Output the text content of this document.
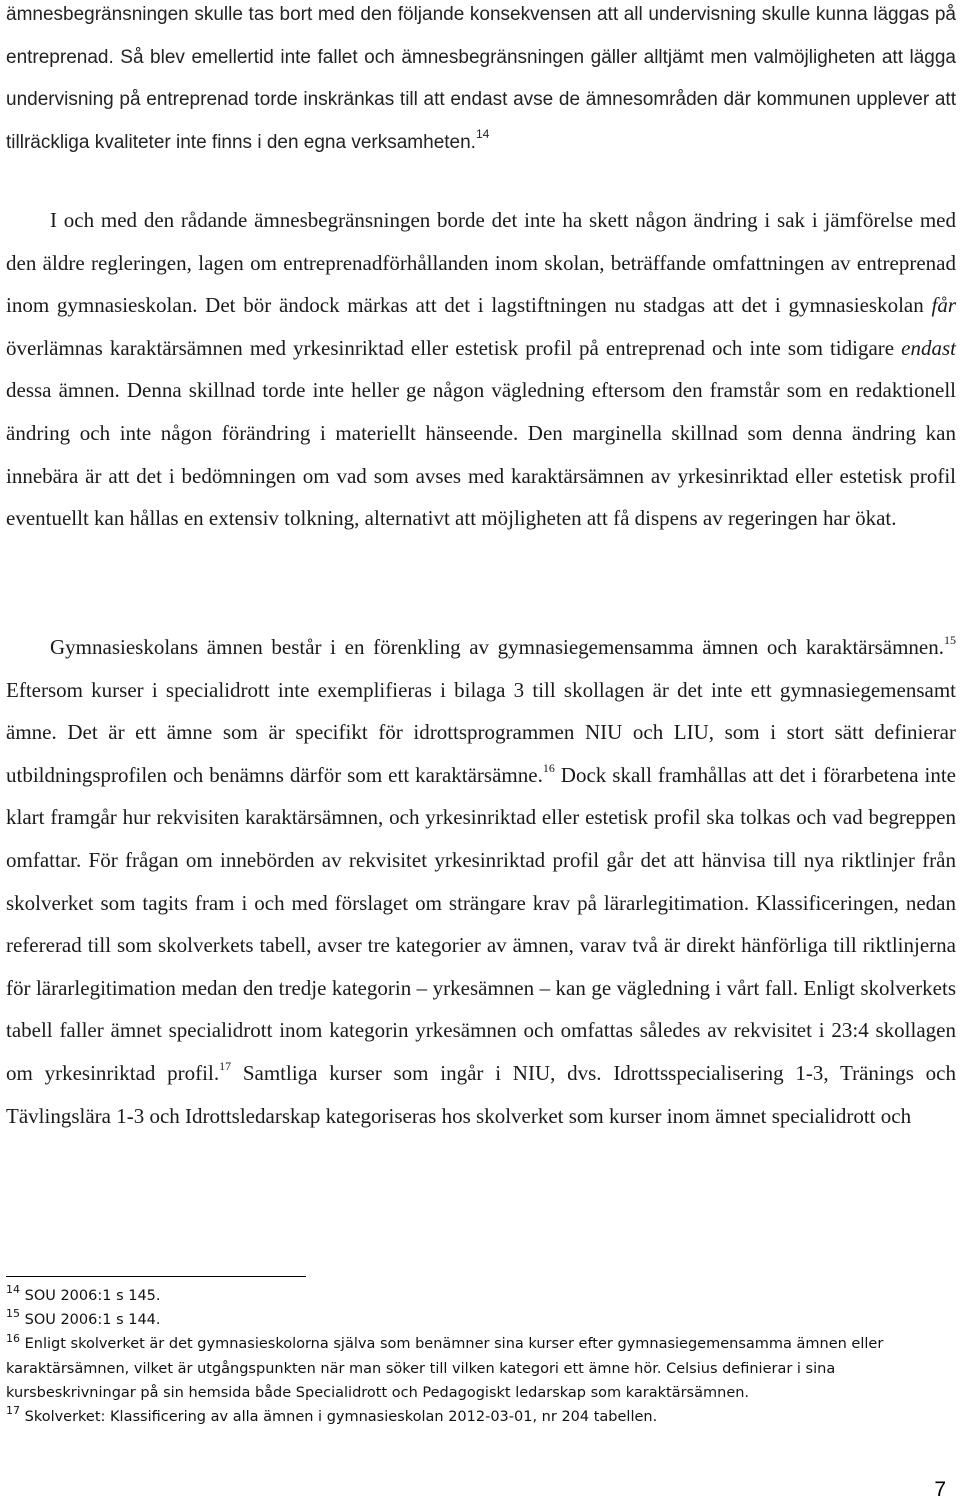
ämnesbegränsningen skulle tas bort med den följande konsekvensen att all undervisning skulle kunna läggas på entreprenad. Så blev emellertid inte fallet och ämnesbegränsningen gäller alltjämt men valmöjligheten att lägga undervisning på entreprenad torde inskränkas till att endast avse de ämnesområden där kommunen upplever att tillräckliga kvaliteter inte finns i den egna verksamheten.$^{14}$

I och med den rådande ämnesbegränsningen borde det inte ha skett någon ändring i sak i jämförelse med den äldre regleringen, lagen om entreprenadförhållanden inom skolan, beträffande omfattningen av entreprenad inom gymnasieskolan. Det bör ändock märkas att det i lagstiftningen nu stadgas att det i gymnasieskolan får överlämnas karaktärsämnen med yrkesinriktad eller estetisk profil på entreprenad och inte som tidigare endast dessa ämnen. Denna skillnad torde inte heller ge någon vägledning eftersom den framstår som en redaktionell ändring och inte någon förändring i materiellt hänseende. Den marginella skillnad som denna ändring kan innebära är att det i bedömningen om vad som avses med karaktärsämnen av yrkesinriktad eller estetisk profil eventuellt kan hållas en extensiv tolkning, alternativt att möjligheten att få dispens av regeringen har ökat.

Gymnasieskolans ämnen består i en förenkling av gymnasiegemensamma ämnen och karaktärsämnen.$^{15}$ Eftersom kurser i specialidrott inte exemplifieras i bilaga 3 till skollagen är det inte ett gymnasiegemensamt ämne. Det är ett ämne som är specifikt för idrottsprogrammen NIU och LIU, som i stort sätt definierar utbildningsprofilen och benämns därför som ett karaktärsämne.$^{16}$ Dock skall framhållas att det i förarbetena inte klart framgår hur rekvisiten karaktärsämnen, och yrkesinriktad eller estetisk profil ska tolkas och vad begreppen omfattar. För frågan om innebörden av rekvisitet yrkesinriktad profil går det att hänvisa till nya riktlinjer från skolverket som tagits fram i och med förslaget om strängare krav på lärarlegitimation. Klassificeringen, nedan refererad till som skolverkets tabell, avser tre kategorier av ämnen, varav två är direkt hänförliga till riktlinjerna för lärarlegitimation medan den tredje kategorin – yrkesämnen – kan ge vägledning i vårt fall. Enligt skolverkets tabell faller ämnet specialidrott inom kategorin yrkesämnen och omfattas således av rekvisitet i 23:4 skollagen om yrkesinriktad profil.$^{17}$ Samtliga kurser som ingår i NIU, dvs. Idrottsspecialisering 1-3, Tränings och Tävlingslära 1-3 och Idrottsledarskap kategoriseras hos skolverket som kurser inom ämnet specialidrott och

$^{14}$ SOU 2006:1 s 145.

$^{15}$ SOU 2006:1 s 144.

$^{16}$ Enligt skolverket är det gymnasieskolorna själva som benämner sina kurser efter gymnasiegemensamma ämnen eller karaktärsämnen, vilket är utgångspunkten när man söker till vilken kategori ett ämne hör. Celsius definierar i sina kursbeskrivningar på sin hemsida både Specialidrott och Pedagogiskt ledarskap som karaktärsämnen.

$^{17}$ Skolverket: Klassificering av alla ämnen i gymnasieskolan 2012-03-01, nr 204 tabellen.

7
